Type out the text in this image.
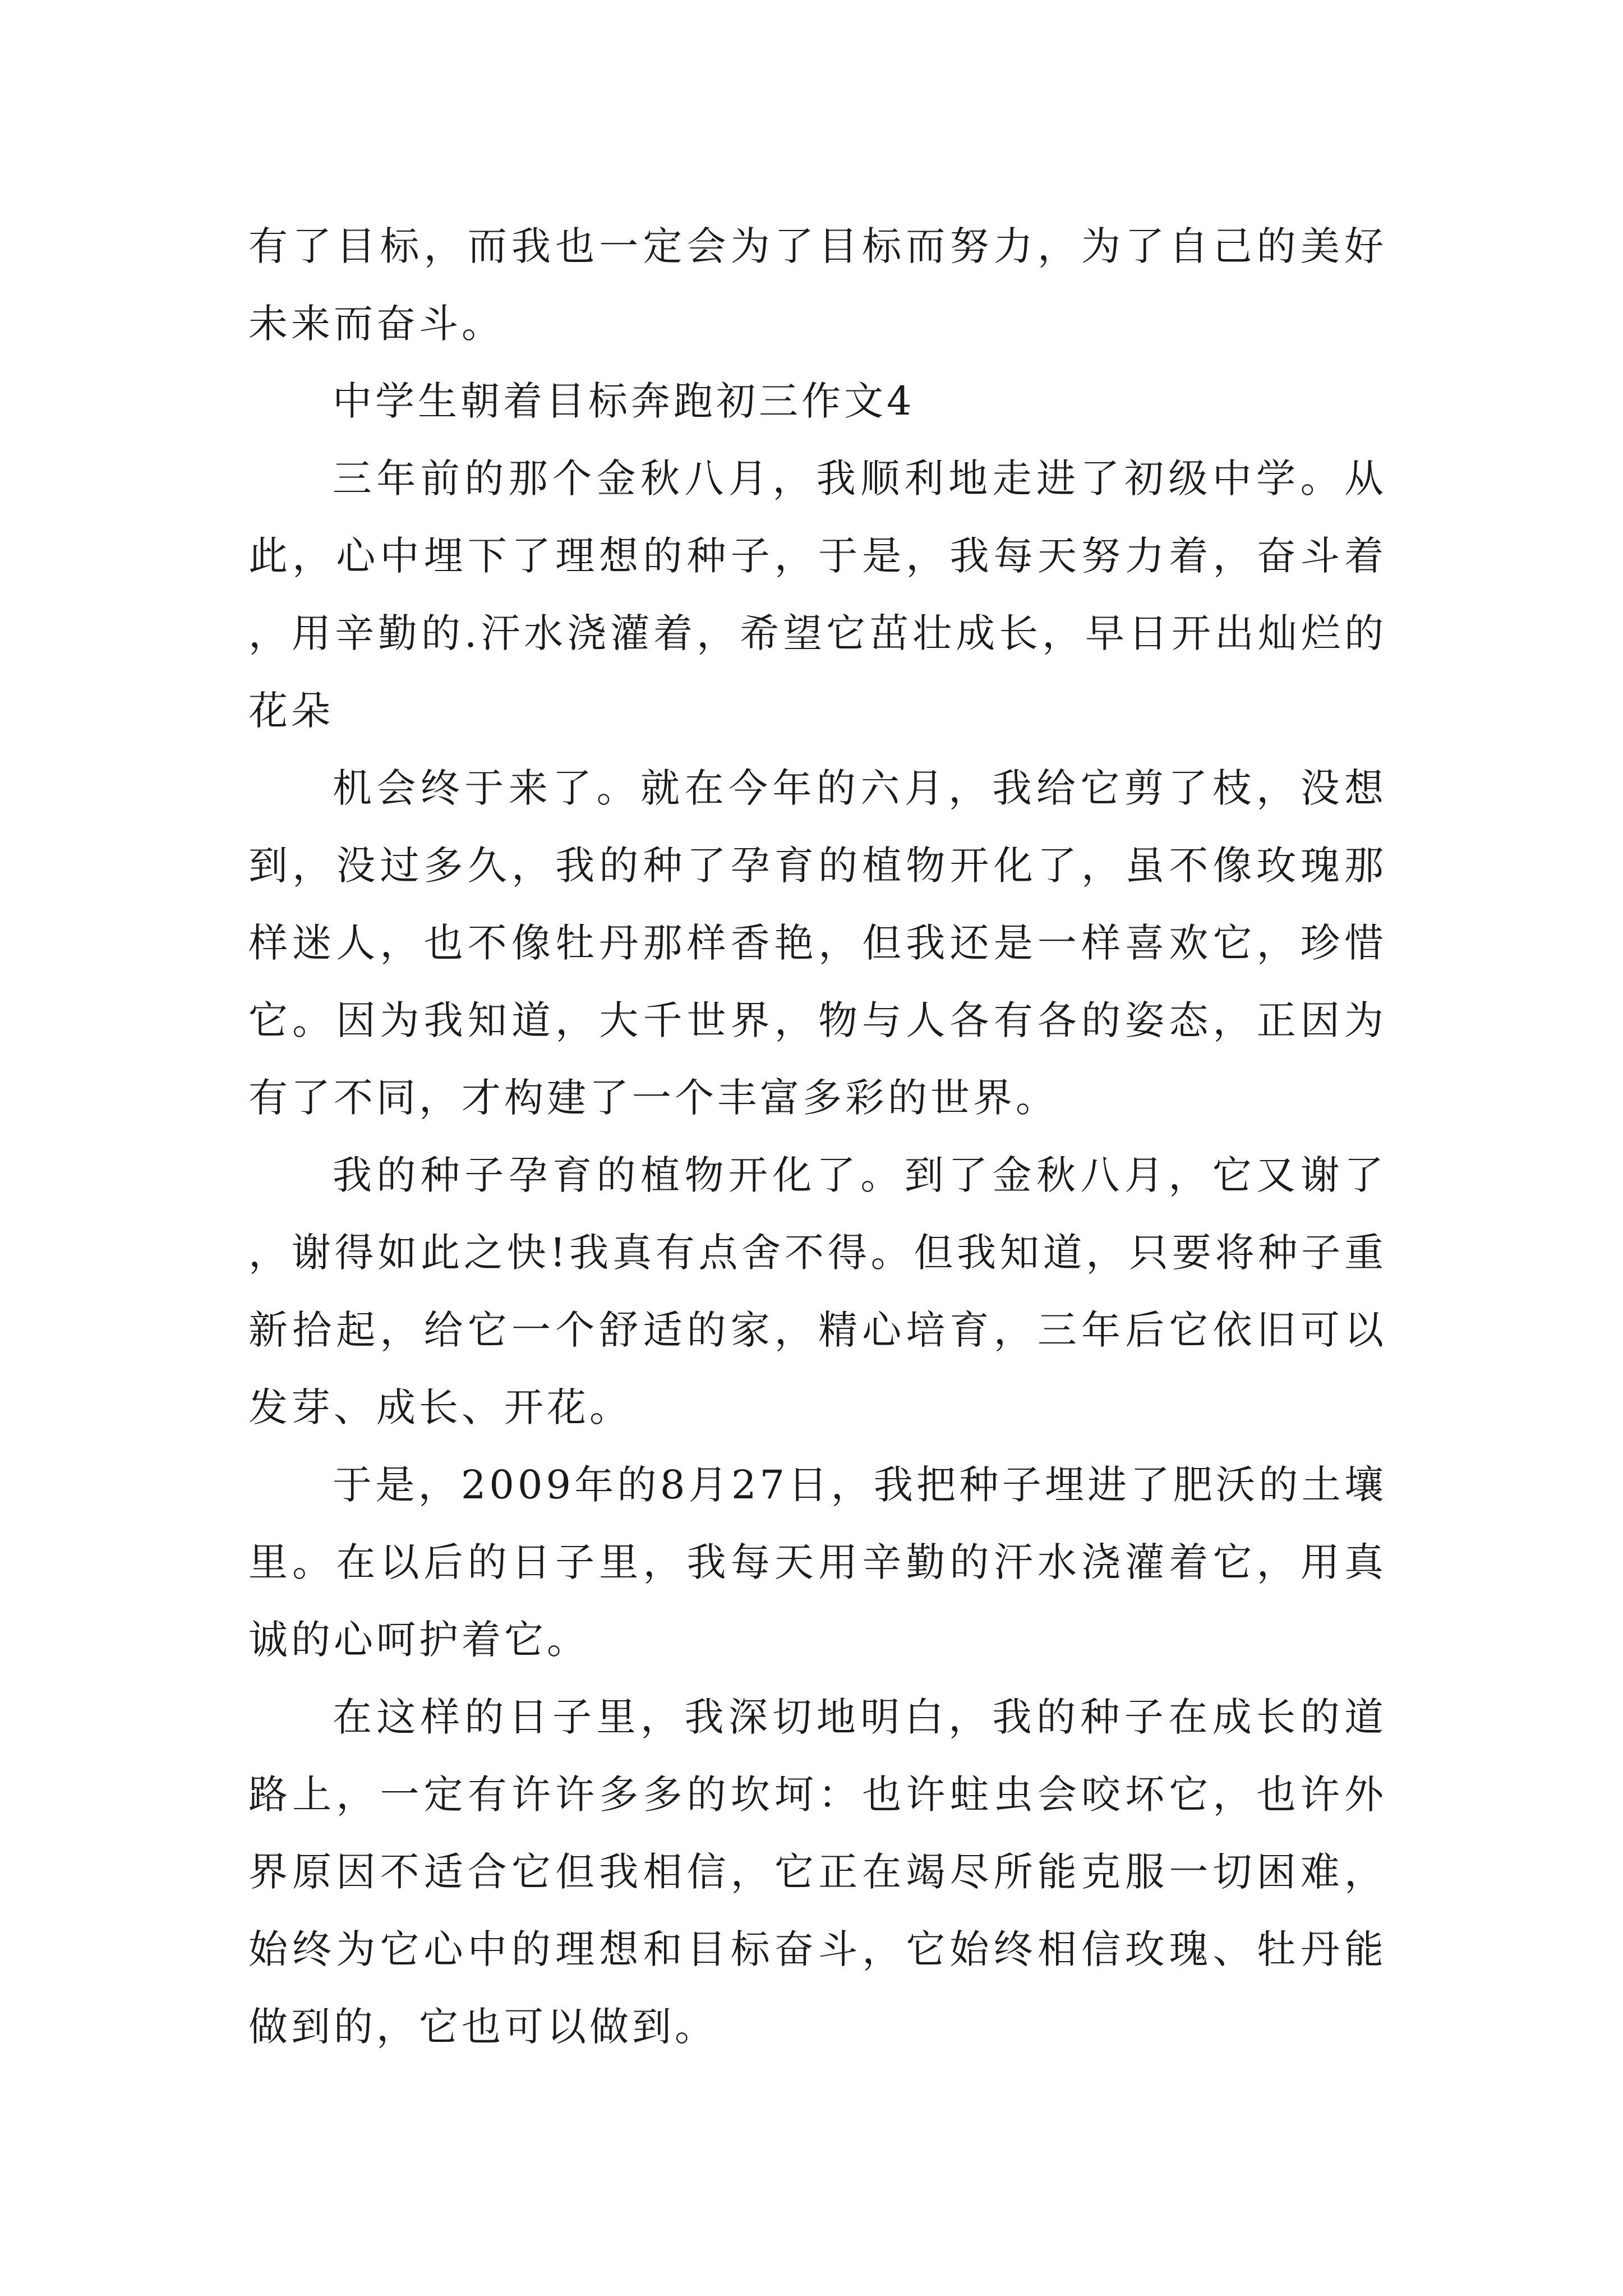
有了目标，而我也一定会为了目标而努力，为了自己的美好未来而奋斗。

中学生朝着目标奔跑初三作文4

三年前的那个金秋八月，我顺利地走进了初级中学。从此，心中埋下了理想的种子，于是，我每天努力着，奋斗着，用辛勤的.汗水浇灌着，希望它茁壮成长，早日开出灿烂的花朵

机会终于来了。就在今年的六月，我给它剪了枝，没想到，没过多久，我的种了孕育的植物开化了，虽不像玫瑰那样迷人，也不像牡丹那样香艳，但我还是一样喜欢它，珍惜它。因为我知道，大千世界，物与人各有各的姿态，正因为有了不同，才构建了一个丰富多彩的世界。

我的种子孕育的植物开化了。到了金秋八月，它又谢了，谢得如此之快!我真有点舍不得。但我知道，只要将种子重新拾起，给它一个舒适的家，精心培育，三年后它依旧可以发芽、成长、开花。

于是，2009年的8月27日，我把种子埋进了肥沃的土壤里。在以后的日子里，我每天用辛勤的汗水浇灌着它，用真诚的心呵护着它。

在这样的日子里，我深切地明白，我的种子在成长的道路上，一定有许许多多的坎坷：也许蛀虫会咬坏它，也许外界原因不适合它但我相信，它正在竭尽所能克服一切困难，始终为它心中的理想和目标奋斗，它始终相信玫瑰、牡丹能做到的，它也可以做到。
